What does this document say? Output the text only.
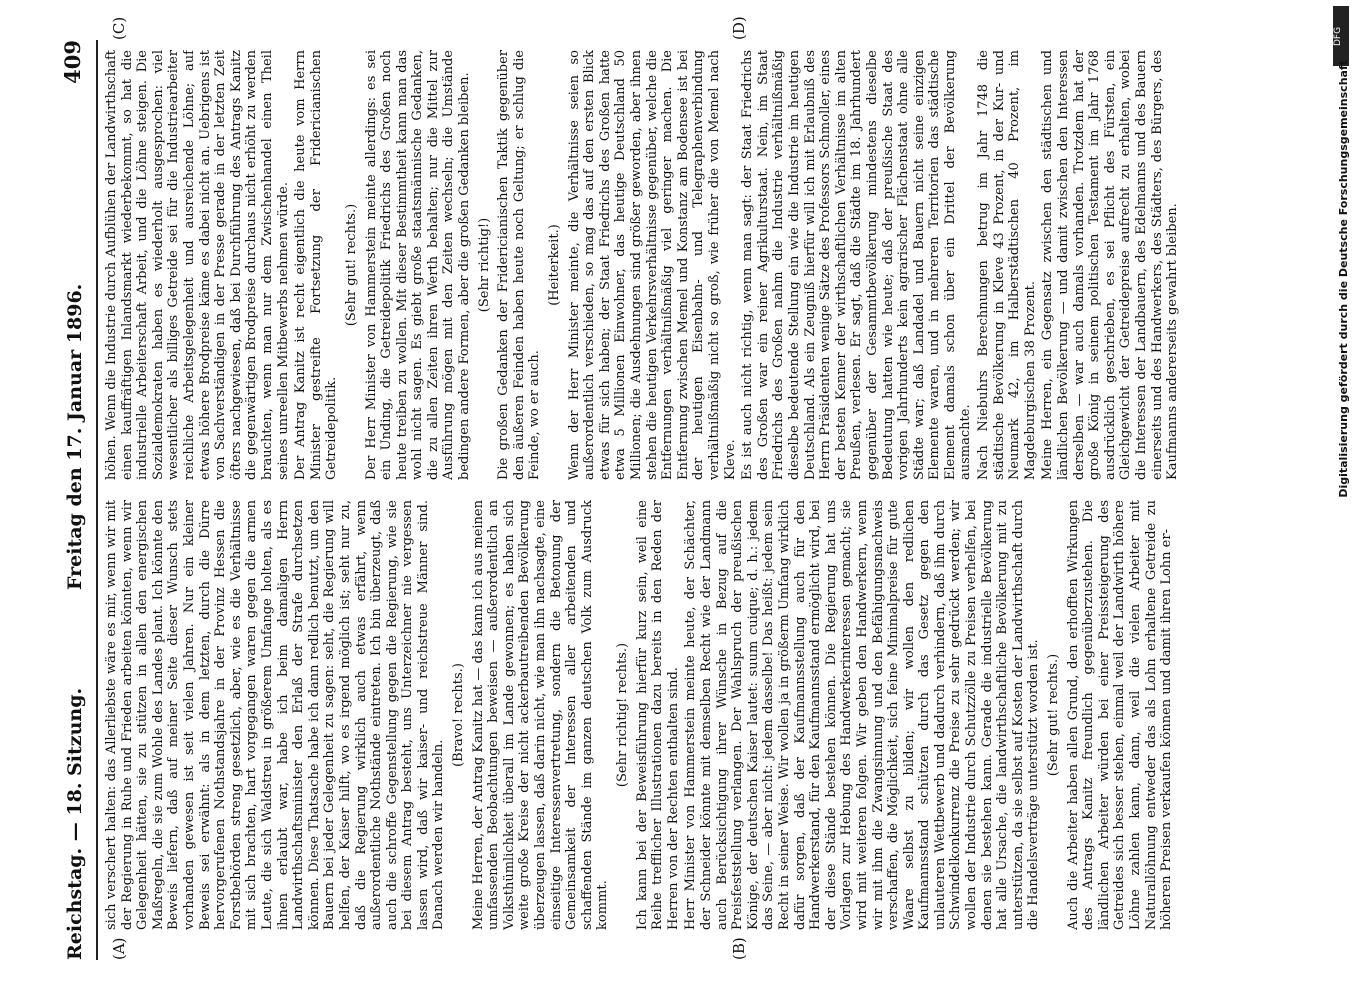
Reichstag. — 18. Sitzung.
Freitag den 17. Januar 1896.
409
(A)	(B)
(C)	(D)

sich verschert halten: das Allerliebste wäre es mir, wenn wir mit der Regierung in Ruhe und Frieden arbeiten könnten, wenn wir Gelegenheit hätten, sie zu stützen in allen den energischen Maßregeln, die sie zum Wohle des Landes plant. Ich könnte den Beweis liefern, daß auf meiner Seite dieser Wunsch stets vorhanden gewesen ist seit vielen Jahren. Nur ein kleiner Beweis sei erwähnt: als in dem letzten, durch die Dürre hervorgerufenen Nothstandsjahre in der Provinz Hessen die Forstbehörden streng gesetzlich, aber, wie es die Verhältnisse mit sich brachten, hart vorgegangen waren gegen die armen Leute, die sich Waldstreu in größerem Umfange holten, als es ihnen erlaubt war, habe ich beim damaligen Herrn Landwirthschaftsminister den Erlaß der Strafe durchsetzen können. Diese Thatsache habe ich dann redlich benutzt, um den Bauern bei jeder Gelegenheit zu sagen: seht, die Regierung will helfen, der Kaiser hilft, wo es irgend möglich ist; seht nur zu, daß die Regierung wirklich auch etwas erfährt, wenn außerordentliche Nothstände eintreten. Ich bin überzeugt, daß auch die schroffe Gegenstellung gegen die Regierung, wie sie bei diesem Antrag besteht, uns Unterzeichner nie vergessen lassen wird, daß wir kaiser- und reichstreue Männer sind. Danach werden wir handeln.

(Bravo! rechts.) Meine Herren, der Antrag Kanitz hat — das kann ich aus meinen umfassenden Beobachtungen beweisen — außerordentlich an Volksthümlichkeit überall im Lande gewonnen; es haben sich weite große Kreise der nicht ackerbautreibenden Bevölkerung überzeugen lassen, daß darin nicht, wie man ihn nachsagte, eine einseitige Interessenvertretung, sondern die Betonung der Gemeinsamkeit der Interessen aller arbeitenden und schaffenden Stände im ganzen deutschen Volk zum Ausdruck kommt.

(Sehr richtig! rechts.) Ich kann bei der Beweisführung hierfür kurz sein, weil eine Reihe trefflicher Illustrationen dazu bereits in den Reden der Herren von der Rechten enthalten sind. Herr Minister von Hammerstein meinte heute, der Schächter, der Schneider könnte mit demselben Recht wie der Landmann auch Berücksichtigung ihrer Wünsche in Bezug auf die Preisfeststellung verlangen. Der Wahlspruch der preußischen Könige, der deutschen Kaiser lautet: suum cuique; d. h.: jedem das Seine, — aber nicht: jedem dasselbe! Das heißt: jedem sein Recht in seiner Weise. Wir wollen ja in größerm Umfang wirklich dafür sorgen, daß der Kaufmannsstellung auch für den Handwerkerstand, für den Kaufmannsstand ermöglicht wird, bei der diese Stände bestehen können. Die Regierung hat uns Vorlagen zur Hebung des Handwerkerinteressen gemacht; sie wird mit weiteren folgen. Wir geben den Handwerkern, wenn wir mit ihm die Zwangsinnung und den Befähigungsnachweis verschaffen, die Möglichkeit, sich feine Minimalpreise für gute Waare selbst zu bilden; wir wollen den redlichen Kaufmannsstand schützen durch das Gesetz gegen den unlauteren Wettbewerb und dadurch verhindern, daß ihm durch Schwindelkonkurrenz die Preise zu sehr gedrückt werden; wir wollen der Industrie durch Schutzzölle zu Preisen verhelfen, bei denen sie bestehen kann. Gerade die industrielle Bevölkerung hat alle Ursache, die landwirthschaftliche Bevölkerung mit zu unterstützen, da sie selbst auf Kosten der Landwirthschaft durch die Handelsverträge unterstützt worden ist. (Sehr gut! rechts.) Auch die Arbeiter haben allen Grund, den erhofften Wirkungen des Antrags Kanitz freundlich gegenüberzustehen. Die ländlichen Arbeiter würden bei einer Preissteigerung des Getreides sich besser stehen, einmal weil der Landwirth höhere Löhne zahlen kann, dann, weil die vielen Arbeiter mit Naturallöhnung entweder das als Lohn erhaltene Getreide zu höheren Preisen verkaufen können und damit ihren Lohn er-

höhen. Wenn die Industrie durch Aufblühen der Landwirthschaft einen kauffräftigen Inlandsmarkt wiederbekommt, so hat die industrielle Arbeiterschaft Arbeit, und die Löhne steigen. Die Sozialdemokraten haben es wiederholt ausgesprochen: viel wesentlicher als billiges Getreide sei für die Industriearbeiter reichliche Arbeitsgelegenheit und ausreichende Löhne; auf etwas höhere Brodpreise käme es dabei nicht an. Uebrigens ist von Sachverständigen in der Presse gerade in der letzten Zeit öfters nachgewiesen, daß bei Durchführung des Antrags Kanitz die gegenwärtigen Brodpreise durchaus nicht erhöht zu werden brauchten, wenn man nur dem Zwischenhandel einen Theil seines unreellen Mitbewerbs nehmen würde. Der Antrag Kanitz ist recht eigentlich die heute vom Herrn Minister gestreifte Fortsetzung der Fridericianischen Getreidepolitik.

(Sehr gut! rechts.) Der Herr Minister von Hammerstein meinte allerdings: es sei ein Unding, die Getreidepolitik Friedrichs des Großen noch heute treiben zu wollen. Mit dieser Bestimmtheit kann man das wohl nicht sagen. Es giebt große staatsmännische Gedanken, die zu allen Zeiten ihren Werth behalten; nur die Mittel zur Ausführung mögen mit den Zeiten wechseln; die Umstände bedingen andere Formen, aber die großen Gedanken bleiben. (Sehr richtig!) Die großen Gedanken der Fridericianischen Taktik gegenüber den äußeren Feinden haben heute noch Geltung; er schlug die Feinde, wo er auch.

(Heiterkeit.) Wenn der Herr Minister meinte, die Verhältnisse seien so außerordentlich verschieden, so mag das auf den ersten Blick etwas für sich haben; der Staat Friedrichs des Großen hatte etwa 5 Millionen Einwohner, das heutige Deutschland 50 Millionen; die Ausdehnungen sind größer geworden, aber ihnen stehen die heutigen Verkehrsverhältnisse gegenüber, welche die Entfernungen verhältnißmäßig viel geringer machen. Die Entfernung zwischen Memel und Konstanz am Bodensee ist bei der heutigen Eisenbahn- und Telegraphenverbindung verhältnißmäßig nicht so groß, wie früher die von Memel nach Kleve. Es ist auch nicht richtig, wenn man sagt: der Staat Friedrichs des Großen war ein reiner Agrikulturstaat. Nein, im Staat Friedrichs des Großen nahm die Industrie verhältnißmäßig dieselbe bedeutende Stellung ein wie die Industrie im heutigen Deutschland. Als ein Zeugniß hierfür will ich mit Erlaubniß des Herrn Präsidenten wenige Sätze des Professors Schmoller, eines der besten Kenner der wirthschaftlichen Verhältnisse im alten Preußen, verlesen. Er sagt, daß die Städte im 18. Jahrhundert gegenüber der Gesammtbevölkerung mindestens dieselbe Bedeutung hatten wie heute; daß der preußische Staat des vorigen Jahrhunderts kein agrarischer Flächenstaat ohne alle Städte war; daß Landadel und Bauern nicht seine einzigen Elemente waren, und in mehreren Territorien das städtische Element damals schon über ein Drittel der Bevölkerung ausmachte. Nach Niebuhrs Berechnungen betrug im Jahr 1748 die städtische Bevölkerung in Kleve 43 Prozent, in der Kur- und Neumark 42, im Halberstädtischen 40 Prozent, im Magdeburgischen 38 Prozent. Meine Herren, ein Gegensatz zwischen den städtischen und ländlichen Bevölkerung — und damit zwischen den Interessen derselben — war auch damals vorhanden. Trotzdem hat der große König in seinem politischen Testament im Jahr 1768 ausdrücklich geschrieben, es sei Pflicht des Fürsten, ein Gleichgewicht der Getreidepreise aufrecht zu erhalten, wobei die Interessen der Landbauern, des Edelmanns und des Bauern einerseits und des Handwerkers, des Städters, des Bürgers, des Kaufmanns andererseits gewahrt bleiben.

DFG
Digitalisierung gefördert durch die Deutsche Forschungsgemeinschaft
